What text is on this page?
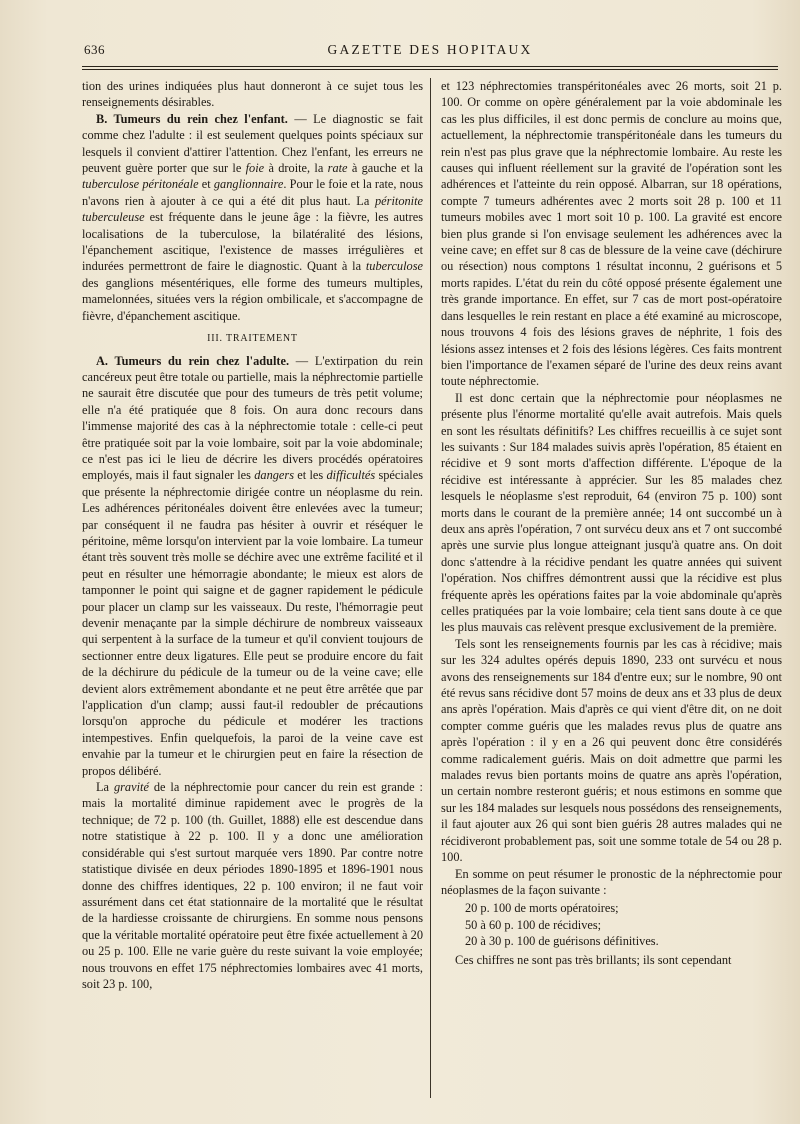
636	GAZETTE DES HOPITAUX

tion des urines indiquées plus haut donneront à ce sujet tous les renseignements désirables.

B. Tumeurs du rein chez l'enfant. — Le diagnostic se fait comme chez l'adulte : il est seulement quelques points spéciaux sur lesquels il convient d'attirer l'attention. Chez l'enfant, les erreurs ne peuvent guère porter que sur le foie à droite, la rate à gauche et la tuberculose péritonéale et ganglionnaire. Pour le foie et la rate, nous n'avons rien à ajouter à ce qui a été dit plus haut. La péritonite tuberculeuse est fréquente dans le jeune âge : la fièvre, les autres localisations de la tuberculose, la bilatéralité des lésions, l'épanchement ascitique, l'existence de masses irrégulières et indurées permettront de faire le diagnostic. Quant à la tuberculose des ganglions mésentériques, elle forme des tumeurs multiples, mamelonnées, situées vers la région ombilicale, et s'accompagne de fièvre, d'épanchement ascitique.

III. TRAITEMENT

A. Tumeurs du rein chez l'adulte. — L'extirpation du rein cancéreux peut être totale ou partielle, mais la néphrectomie partielle ne saurait être discutée que pour des tumeurs de très petit volume; elle n'a été pratiquée que 8 fois. On aura donc recours dans l'immense majorité des cas à la néphrectomie totale : celle-ci peut être pratiquée soit par la voie lombaire, soit par la voie abdominale; ce n'est pas ici le lieu de décrire les divers procédés opératoires employés, mais il faut signaler les dangers et les difficultés spéciales que présente la néphrectomie dirigée contre un néoplasme du rein. Les adhérences péritonéales doivent être enlevées avec la tumeur; par conséquent il ne faudra pas hésiter à ouvrir et réséquer le péritoine, même lorsqu'on intervient par la voie lombaire. La tumeur étant très souvent très molle se déchire avec une extrême facilité et il peut en résulter une hémorragie abondante; le mieux est alors de tamponner le point qui saigne et de gagner rapidement le pédicule pour placer un clamp sur les vaisseaux. Du reste, l'hémorragie peut devenir menaçante par la simple déchirure de nombreux vaisseaux qui serpentent à la surface de la tumeur et qu'il convient toujours de sectionner entre deux ligatures. Elle peut se produire encore du fait de la déchirure du pédicule de la tumeur ou de la veine cave; elle devient alors extrêmement abondante et ne peut être arrêtée que par l'application d'un clamp; aussi faut-il redoubler de précautions lorsqu'on approche du pédicule et modérer les tractions intempestives. Enfin quelquefois, la paroi de la veine cave est envahie par la tumeur et le chirurgien peut en faire la résection de propos délibéré.

La gravité de la néphrectomie pour cancer du rein est grande : mais la mortalité diminue rapidement avec le progrès de la technique; de 72 p. 100 (th. Guillet, 1888) elle est descendue dans notre statistique à 22 p. 100. Il y a donc une amélioration considérable qui s'est surtout marquée vers 1890. Par contre notre statistique divisée en deux périodes 1890-1895 et 1896-1901 nous donne des chiffres identiques, 22 p. 100 environ; il ne faut voir assurément dans cet état stationnaire de la mortalité que le résultat de la hardiesse croissante de chirurgiens. En somme nous pensons que la véritable mortalité opératoire peut être fixée actuellement à 20 ou 25 p. 100. Elle ne varie guère du reste suivant la voie employée; nous trouvons en effet 175 néphrectomies lombaires avec 41 morts, soit 23 p. 100,

et 123 néphrectomies transpéritonéales avec 26 morts, soit 21 p. 100. Or comme on opère généralement par la voie abdominale les cas les plus difficiles, il est donc permis de conclure au moins que, actuellement, la néphrectomie transpéritonéale dans les tumeurs du rein n'est pas plus grave que la néphrectomie lombaire. Au reste les causes qui influent réellement sur la gravité de l'opération sont les adhérences et l'atteinte du rein opposé. Albarran, sur 18 opérations, compte 7 tumeurs adhérentes avec 2 morts soit 28 p. 100 et 11 tumeurs mobiles avec 1 mort soit 10 p. 100. La gravité est encore bien plus grande si l'on envisage seulement les adhérences avec la veine cave; en effet sur 8 cas de blessure de la veine cave (déchirure ou résection) nous comptons 1 résultat inconnu, 2 guérisons et 5 morts rapides. L'état du rein du côté opposé présente également une très grande importance. En effet, sur 7 cas de mort post-opératoire dans lesquelles le rein restant en place a été examiné au microscope, nous trouvons 4 fois des lésions graves de néphrite, 1 fois des lésions assez intenses et 2 fois des lésions légères. Ces faits montrent bien l'importance de l'examen séparé de l'urine des deux reins avant toute néphrectomie.

Il est donc certain que la néphrectomie pour néoplasmes ne présente plus l'énorme mortalité qu'elle avait autrefois. Mais quels en sont les résultats définitifs? Les chiffres recueillis à ce sujet sont les suivants : Sur 184 malades suivis après l'opération, 85 étaient en récidive et 9 sont morts d'affection différente. L'époque de la récidive est intéressante à apprécier. Sur les 85 malades chez lesquels le néoplasme s'est reproduit, 64 (environ 75 p. 100) sont morts dans le courant de la première année; 14 ont succombé un à deux ans après l'opération, 7 ont survécu deux ans et 7 ont succombé après une survie plus longue atteignant jusqu'à quatre ans. On doit donc s'attendre à la récidive pendant les quatre années qui suivent l'opération. Nos chiffres démontrent aussi que la récidive est plus fréquente après les opérations faites par la voie abdominale qu'après celles pratiquées par la voie lombaire; cela tient sans doute à ce que les plus mauvais cas relèvent presque exclusivement de la première.

Tels sont les renseignements fournis par les cas à récidive; mais sur les 324 adultes opérés depuis 1890, 233 ont survécu et nous avons des renseignements sur 184 d'entre eux; sur le nombre, 90 ont été revus sans récidive dont 57 moins de deux ans et 33 plus de deux ans après l'opération. Mais d'après ce qui vient d'être dit, on ne doit compter comme guéris que les malades revus plus de quatre ans après l'opération : il y en a 26 qui peuvent donc être considérés comme radicalement guéris. Mais on doit admettre que parmi les malades revus bien portants moins de quatre ans après l'opération, un certain nombre resteront guéris; et nous estimons en somme que sur les 184 malades sur lesquels nous possédons des renseignements, il faut ajouter aux 26 qui sont bien guéris 28 autres malades qui ne récidiveront probablement pas, soit une somme totale de 54 ou 28 p. 100.

En somme on peut résumer le pronostic de la néphrectomie pour néoplasmes de la façon suivante :

20 p. 100 de morts opératoires;

50 à 60 p. 100 de récidives;

20 à 30 p. 100 de guérisons définitives.

Ces chiffres ne sont pas très brillants; ils sont cependant
